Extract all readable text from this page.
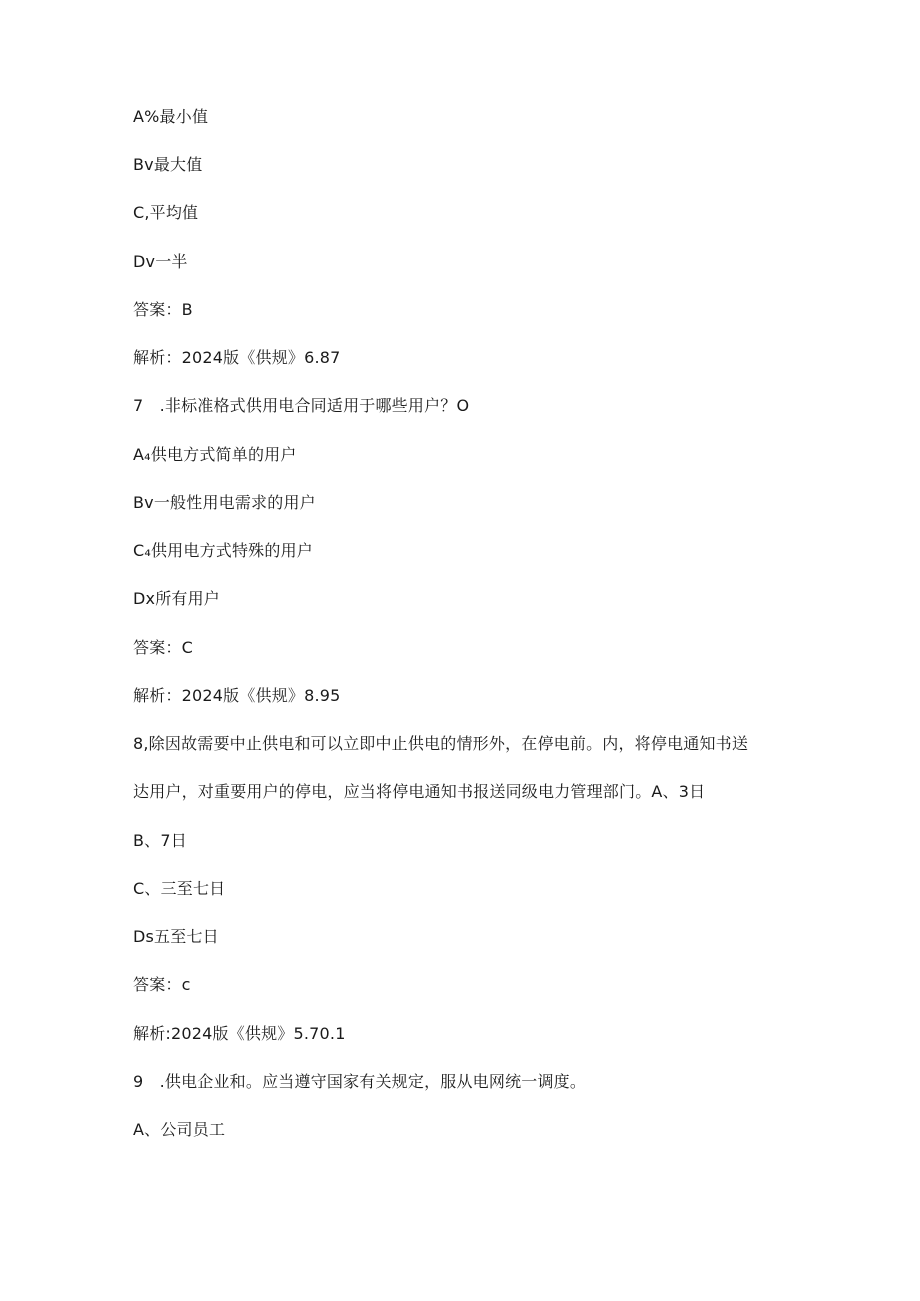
A%最小值
Bv最大值
C,平均值
Dv一半
答案：B
解析：2024版《供规》6.87
7　.非标准格式供用电合同适用于哪些用户？O
A₄供电方式简单的用户
Bv一般性用电需求的用户
C₄供用电方式特殊的用户
Dx所有用户
答案：C
解析：2024版《供规》8.95
8,除因故需要中止供电和可以立即中止供电的情形外，在停电前。内，将停电通知书送
达用户，对重要用户的停电，应当将停电通知书报送同级电力管理部门。A、3日
B、7日
C、三至七日
Ds五至七日
答案：c
解析:2024版《供规》5.70.1
9　.供电企业和。应当遵守国家有关规定，服从电网统一调度。
A、公司员工
